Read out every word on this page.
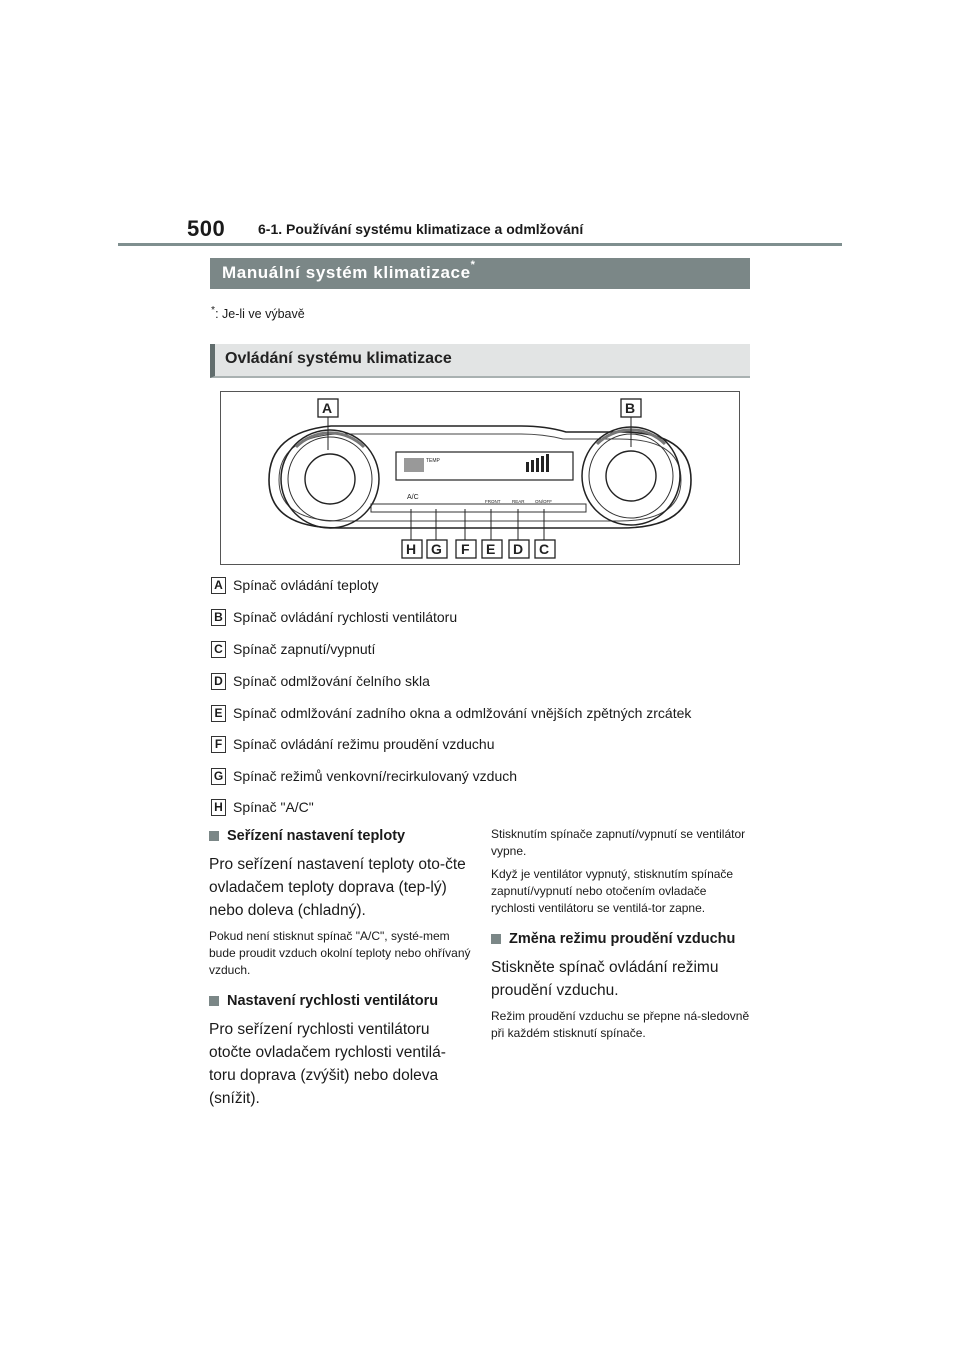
500 6-1. Používání systému klimatizace a odmlžování
Manuální systém klimatizace*
*: Je-li ve výbavě
Ovládání systému klimatizace
TEMP
A/C
FRONT	REAR ON/OFF
A	B
H G F E D C
A Spínač ovládání teploty
B Spínač ovládání rychlosti ventilátoru
C Spínač zapnutí/vypnutí
D Spínač odmlžování čelního skla
E Spínač odmlžování zadního okna a odmlžování vnějších zpětných zrcátek
F Spínač ovládání režimu proudění vzduchu
G Spínač režimů venkovní/recirkulovaný vzduch
H Spínač "A/C"
Seřízení nastavení teploty
Pro seřízení nastavení teploty oto-čte ovladačem teploty doprava (tep-lý) nebo doleva (chladný).
Pokud není stisknut spínač "A/C", systé-mem bude proudit vzduch okolní teploty nebo ohřívaný vzduch.
Nastavení rychlosti ventilátoru
Pro seřízení rychlosti ventilátoru otočte ovladačem rychlosti ventilá-toru doprava (zvýšit) nebo doleva (snížit).
Stisknutím spínače zapnutí/vypnutí se ventilátor vypne.
Když je ventilátor vypnutý, stisknutím spínače zapnutí/vypnutí nebo otočením ovladače rychlosti ventilátoru se ventilá-tor zapne.
Změna režimu proudění vzduchu
Stiskněte spínač ovládání režimu proudění vzduchu.
Režim proudění vzduchu se přepne ná-sledovně při každém stisknutí spínače.
